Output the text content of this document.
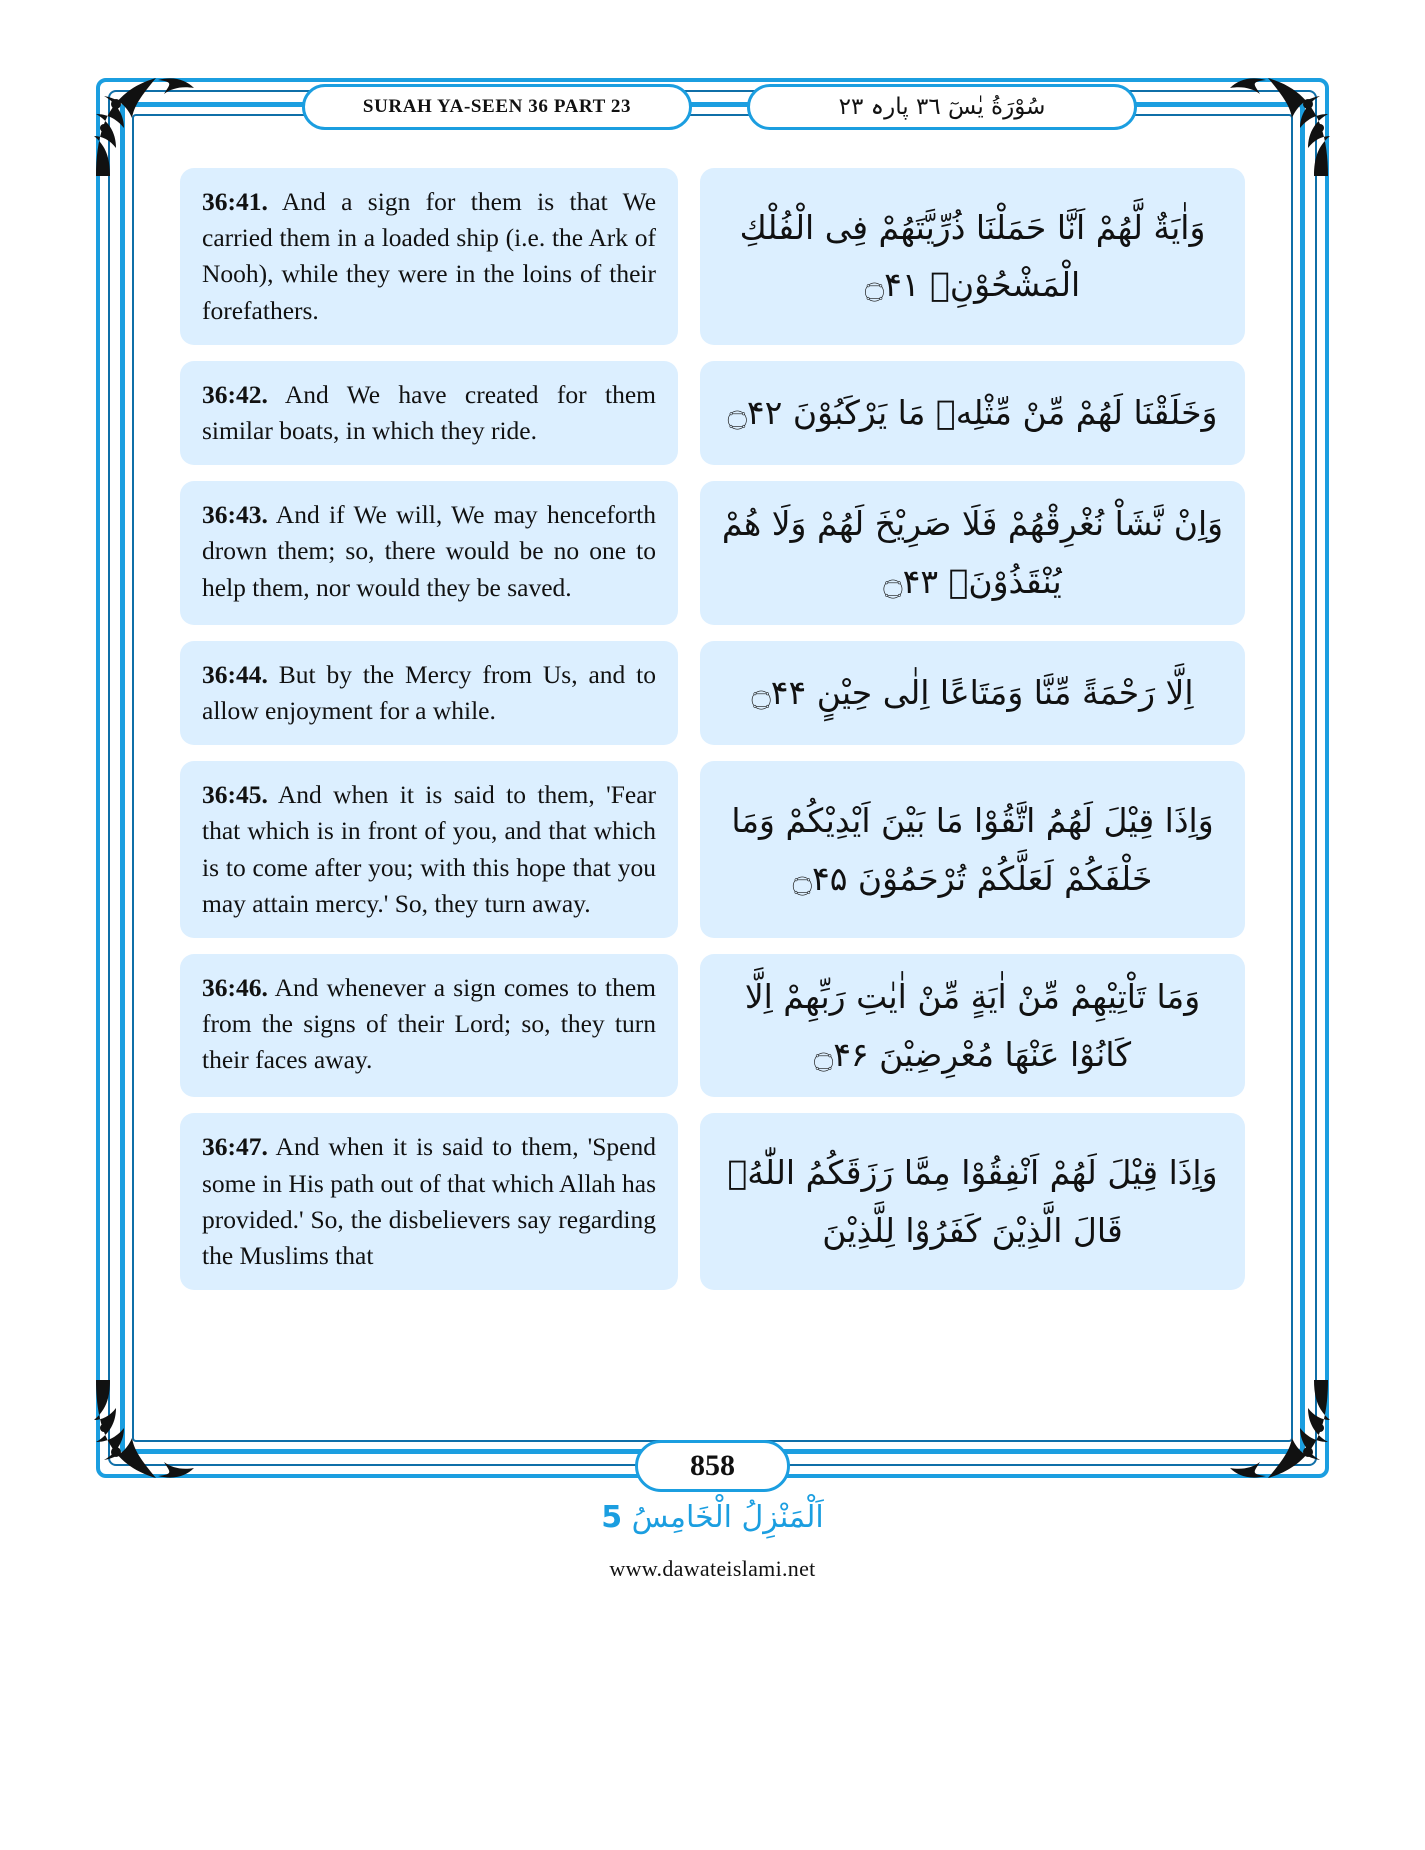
SURAH YA-SEEN 36 PART 23	سُوْرَةُ يٰسٓ ٣٦ پارہ ٢٣
36:41. And a sign for them is that We carried them in a loaded ship (i.e. the Ark of Nooh), while they were in the loins of their forefathers.
وَاٰيَةٌ لَّهُمْ اَنَّا حَمَلْنَا ذُرِّيَّتَهُمْ فِى الْفُلْكِ الْمَشْحُوْنِۙ ۝۴۱
36:42. And We have created for them similar boats, in which they ride.	وَخَلَقْنَا لَهُمْ مِّنْ مِّثْلِهٖ مَا يَرْكَبُوْنَ ۝۴۲
36:43. And if We will, We may henceforth drown them; so, there would be no one to help them, nor would they be saved.
وَاِنْ نَّشَاْ نُغْرِقْهُمْ فَلَا صَرِيْخَ لَهُمْ وَلَا هُمْ يُنْقَذُوْنَۙ ۝۴۳
36:44. But by the Mercy from Us, and to allow enjoyment for a while.	اِلَّا رَحْمَةً مِّنَّا وَمَتَاعًا اِلٰى حِيْنٍ ۝۴۴
36:45. And when it is said to them, 'Fear that which is in front of you, and that which is to come after you; with this hope that you may attain mercy.' So, they turn away.
وَاِذَا قِيْلَ لَهُمُ اتَّقُوْا مَا بَيْنَ اَيْدِيْكُمْ وَمَا خَلْفَكُمْ لَعَلَّكُمْ تُرْحَمُوْنَ ۝۴۵
36:46. And whenever a sign comes to them from the signs of their Lord; so, they turn their faces away.
وَمَا تَاْتِيْهِمْ مِّنْ اٰيَةٍ مِّنْ اٰيٰتِ رَبِّهِمْ اِلَّا كَانُوْا عَنْهَا مُعْرِضِيْنَ ۝۴۶
36:47. And when it is said to them, 'Spend some in His path out of that which Allah has provided.' So, the disbelievers say regarding the Muslims that
وَاِذَا قِيْلَ لَهُمْ اَنْفِقُوْا مِمَّا رَزَقَكُمُ اللّٰهُۙ قَالَ الَّذِيْنَ كَفَرُوْا لِلَّذِيْنَ
858
اَلْمَنْزِلُ الْخَامِسُ 5
www.dawateislami.net
